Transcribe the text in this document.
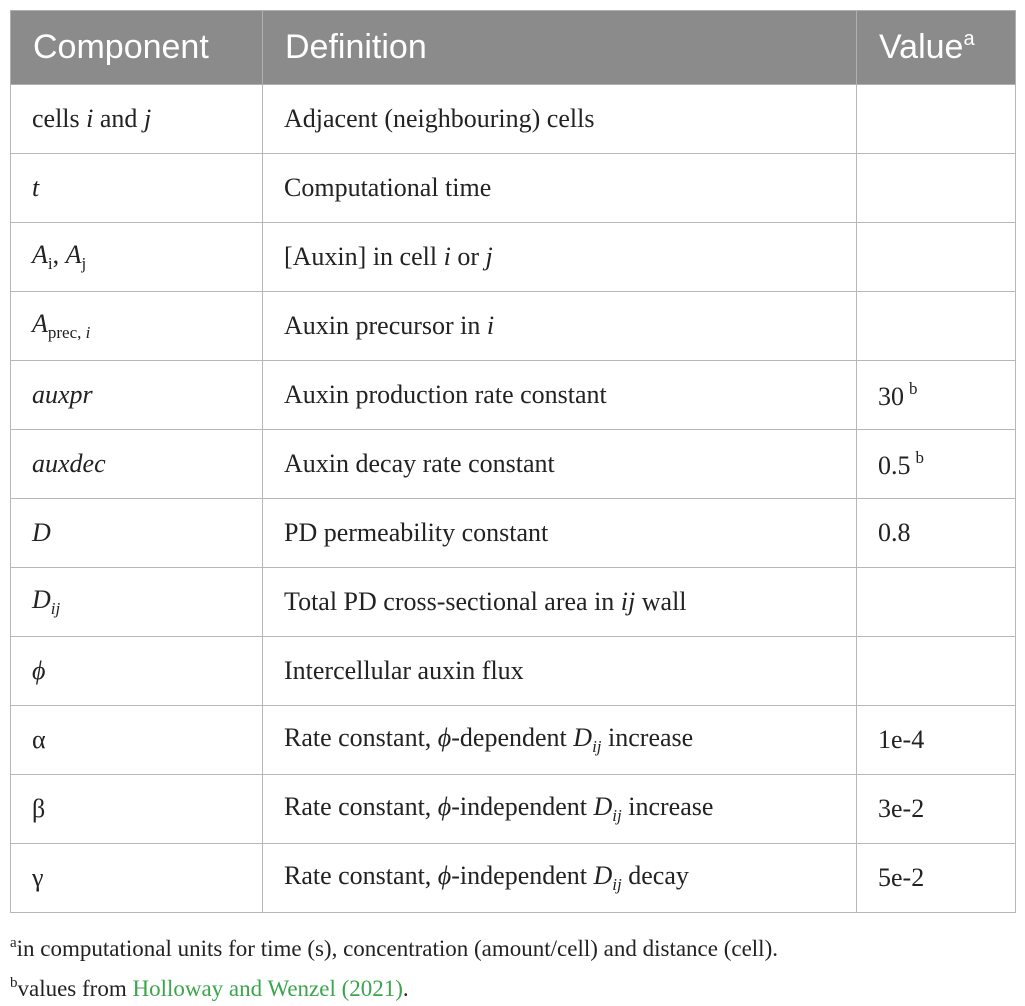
Component	Definition	Value$^a$
cells i and j	Adjacent (neighbouring) cells	
t	Computational time	
$A_i$, $A_j$	[Auxin] in cell i or j	
$A_{prec, i}$	Auxin precursor in i	
auxpr	Auxin production rate constant	30 $^b$
auxdec	Auxin decay rate constant	0.5 $^b$
D	PD permeability constant	0.8
$D_{ij}$	Total PD cross-sectional area in ij wall	
ϕ	Intercellular auxin flux	
α	Rate constant, ϕ-dependent $D_{ij}$ increase	1e-4
β	Rate constant, ϕ-independent $D_{ij}$ increase	3e-2
γ	Rate constant, ϕ-independent $D_{ij}$ decay	5e-2
$^a$in computational units for time (s), concentration (amount/cell) and distance (cell).
$^b$values from Holloway and Wenzel (2021).
